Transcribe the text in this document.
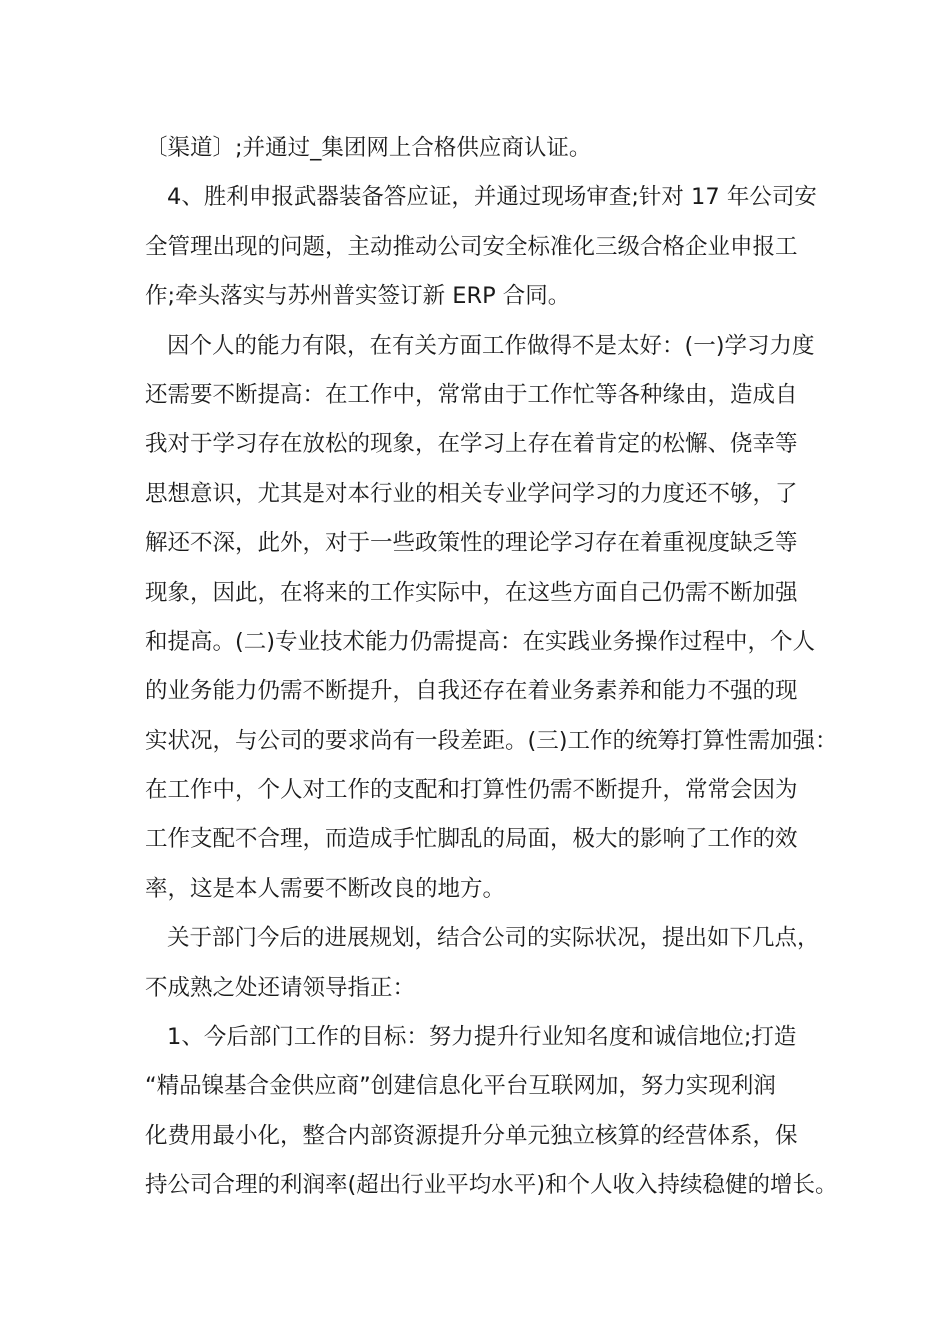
〔渠道〕;并通过_集团网上合格供应商认证。
4、胜利申报武器装备答应证，并通过现场审查;针对 17 年公司安
全管理出现的问题，主动推动公司安全标准化三级合格企业申报工
作;牵头落实与苏州普实签订新 ERP 合同。
因个人的能力有限，在有关方面工作做得不是太好：(一)学习力度
还需要不断提高：在工作中，常常由于工作忙等各种缘由，造成自
我对于学习存在放松的现象，在学习上存在着肯定的松懈、侥幸等
思想意识，尤其是对本行业的相关专业学问学习的力度还不够，了
解还不深，此外，对于一些政策性的理论学习存在着重视度缺乏等
现象，因此，在将来的工作实际中，在这些方面自己仍需不断加强
和提高。(二)专业技术能力仍需提高：在实践业务操作过程中，个人
的业务能力仍需不断提升，自我还存在着业务素养和能力不强的现
实状况，与公司的要求尚有一段差距。(三)工作的统筹打算性需加强：
在工作中，个人对工作的支配和打算性仍需不断提升，常常会因为
工作支配不合理，而造成手忙脚乱的局面，极大的影响了工作的效
率，这是本人需要不断改良的地方。
关于部门今后的进展规划，结合公司的实际状况，提出如下几点，
不成熟之处还请领导指正：
1、今后部门工作的目标：努力提升行业知名度和诚信地位;打造
“精品镍基合金供应商”创建信息化平台互联网加，努力实现利润
化费用最小化，整合内部资源提升分单元独立核算的经营体系，保
持公司合理的利润率(超出行业平均水平)和个人收入持续稳健的增长。
